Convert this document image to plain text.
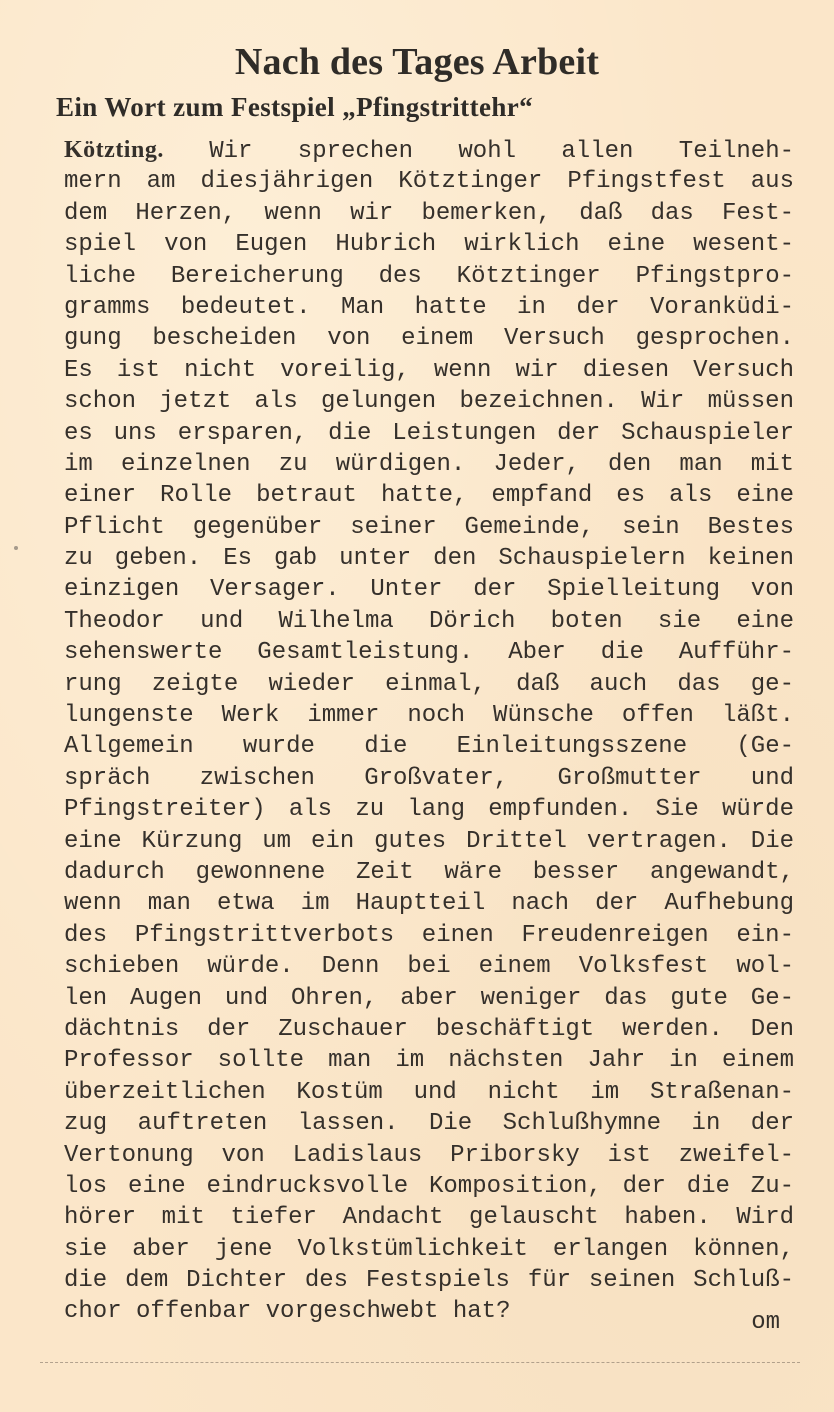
Nach des Tages Arbeit
Ein Wort zum Festspiel „Pfingstrittehr“
Kötzting. Wir sprechen wohl allen Teilneh-
mern am diesjährigen Kötztinger Pfingstfest aus
dem Herzen, wenn wir bemerken, daß das Fest-
spiel von Eugen Hubrich wirklich eine wesent-
liche Bereicherung des Kötztinger Pfingstpro-
gramms bedeutet. Man hatte in der Voranküdi-
gung bescheiden von einem Versuch gesprochen.
Es ist nicht voreilig, wenn wir diesen Versuch
schon jetzt als gelungen bezeichnen. Wir müssen
es uns ersparen, die Leistungen der Schauspieler
im einzelnen zu würdigen. Jeder, den man mit
einer Rolle betraut hatte, empfand es als eine
Pflicht gegenüber seiner Gemeinde, sein Bestes
zu geben. Es gab unter den Schauspielern keinen
einzigen Versager. Unter der Spielleitung von
Theodor und Wilhelma Dörich boten sie eine
sehenswerte Gesamtleistung. Aber die Aufführ-
rung zeigte wieder einmal, daß auch das ge-
lungenste Werk immer noch Wünsche offen läßt.
Allgemein wurde die Einleitungsszene (Ge-
spräch zwischen Großvater, Großmutter und
Pfingstreiter) als zu lang empfunden. Sie würde
eine Kürzung um ein gutes Drittel vertragen. Die
dadurch gewonnene Zeit wäre besser angewandt,
wenn man etwa im Hauptteil nach der Aufhebung
des Pfingstrittverbots einen Freudenreigen ein-
schieben würde. Denn bei einem Volksfest wol-
len Augen und Ohren, aber weniger das gute Ge-
dächtnis der Zuschauer beschäftigt werden. Den
Professor sollte man im nächsten Jahr in einem
überzeitlichen Kostüm und nicht im Straßenan-
zug auftreten lassen. Die Schlußhymne in der
Vertonung von Ladislaus Priborsky ist zweifel-
los eine eindrucksvolle Komposition, der die Zu-
hörer mit tiefer Andacht gelauscht haben. Wird
sie aber jene Volkstümlichkeit erlangen können,
die dem Dichter des Festspiels für seinen Schluß-
chor offenbar vorgeschwebt hat?	om
